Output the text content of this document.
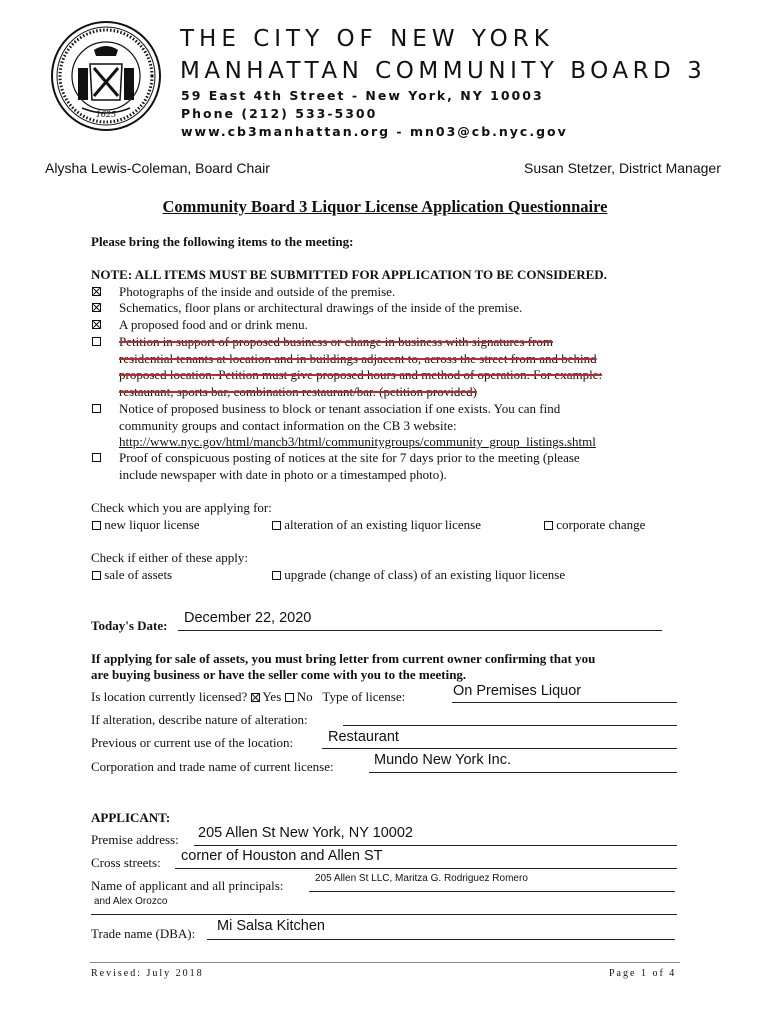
1625
THE CITY OF NEW YORK
MANHATTAN COMMUNITY BOARD 3
59 East 4th Street - New York, NY 10003
Phone (212) 533-5300
www.cb3manhattan.org - mn03@cb.nyc.gov
Alysha Lewis-Coleman, Board Chair	Susan Stetzer, District Manager
Community Board 3 Liquor License Application Questionnaire
Please bring the following items to the meeting:
NOTE: ALL ITEMS MUST BE SUBMITTED FOR APPLICATION TO BE CONSIDERED.
Photographs of the inside and outside of the premise.
Schematics, floor plans or architectural drawings of the inside of the premise.
A proposed food and or drink menu.
Petition in support of proposed business or change in business with signatures from
residential tenants at location and in buildings adjacent to, across the street from and behind
proposed location. Petition must give proposed hours and method of operation. For example:
restaurant, sports bar, combination restaurant/bar. (petition provided)
Notice of proposed business to block or tenant association if one exists. You can find
community groups and contact information on the CB 3 website:
http://www.nyc.gov/html/mancb3/html/communitygroups/community_group_listings.shtml
Proof of conspicuous posting of notices at the site for 7 days prior to the meeting (please
include newspaper with date in photo or a timestamped photo).
Check which you are applying for:
new liquor license	alteration of an existing liquor license	corporate change
Check if either of these apply:
sale of assets	upgrade (change of class) of an existing liquor license
Today's Date: December 22, 2020
If applying for sale of assets, you must bring letter from current owner confirming that you
are buying business or have the seller come with you to the meeting.
Is location currently licensed? Yes No Type of license:	On Premises Liquor
If alteration, describe nature of alteration:
Previous or current use of the location: Restaurant
Corporation and trade name of current license:	Mundo New York Inc.
APPLICANT:
Premise address: 205 Allen St New York, NY 10002
Cross streets: corner of Houston and Allen ST
Name of applicant and all principals:	205 Allen St LLC, Maritza G. Rodriguez Romero
and Alex Orozco
Trade name (DBA): Mi Salsa Kitchen
Revised: July 2018	Page 1 of 4
